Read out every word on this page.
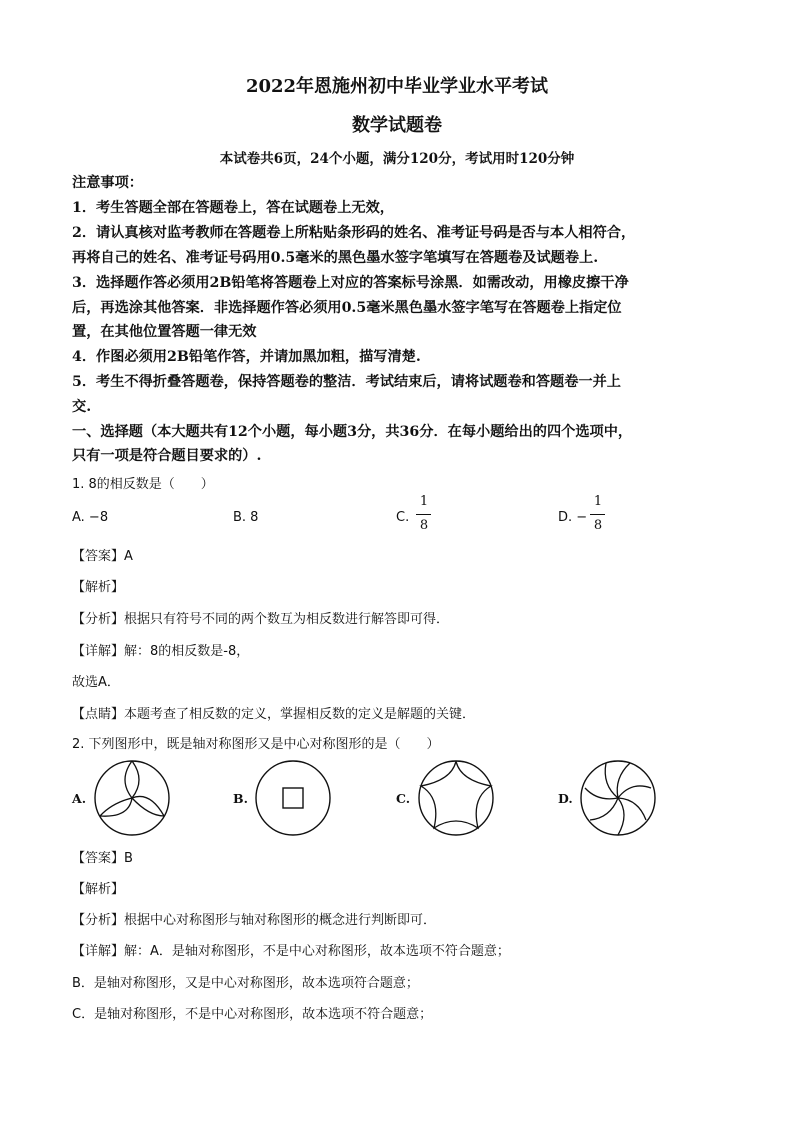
2022年恩施州初中毕业学业水平考试
数学试题卷
本试卷共6页，24个小题，满分120分，考试用时120分钟
注意事项：
1．考生答题全部在答题卷上，答在试题卷上无效，
2．请认真核对监考教师在答题卷上所粘贴条形码的姓名、准考证号码是否与本人相符合，
再将自己的姓名、准考证号码用0.5毫米的黑色墨水签字笔填写在答题卷及试题卷上.
3．选择题作答必须用2B铅笔将答题卷上对应的答案标号涂黑．如需改动，用橡皮擦干净
后，再选涂其他答案．非选择题作答必须用0.5毫米黑色墨水签字笔写在答题卷上指定位
置，在其他位置答题一律无效
4．作图必须用2B铅笔作答，并请加黑加粗，描写清楚.
5．考生不得折叠答题卷，保持答题卷的整洁．考试结束后，请将试题卷和答题卷一并上
交.
一、选择题（本大题共有12个小题，每小题3分，共36分．在每小题给出的四个选项中，
只有一项是符合题目要求的）.
1. 8的相反数是（　　）
A. −8	B. 8	C.
1
8
D. −
1
8
【答案】A
【解析】
【分析】根据只有符号不同的两个数互为相反数进行解答即可得．
【详解】解：8的相反数是-8，
故选A．
【点睛】本题考查了相反数的定义，掌握相反数的定义是解题的关键．
2. 下列图形中，既是轴对称图形又是中心对称图形的是（　　）
A.	B.	C.	D.
【答案】B
【解析】
【分析】根据中心对称图形与轴对称图形的概念进行判断即可．
【详解】解：A．是轴对称图形，不是中心对称图形，故本选项不符合题意；
B．是轴对称图形，又是中心对称图形，故本选项符合题意；
C．是轴对称图形，不是中心对称图形，故本选项不符合题意；
